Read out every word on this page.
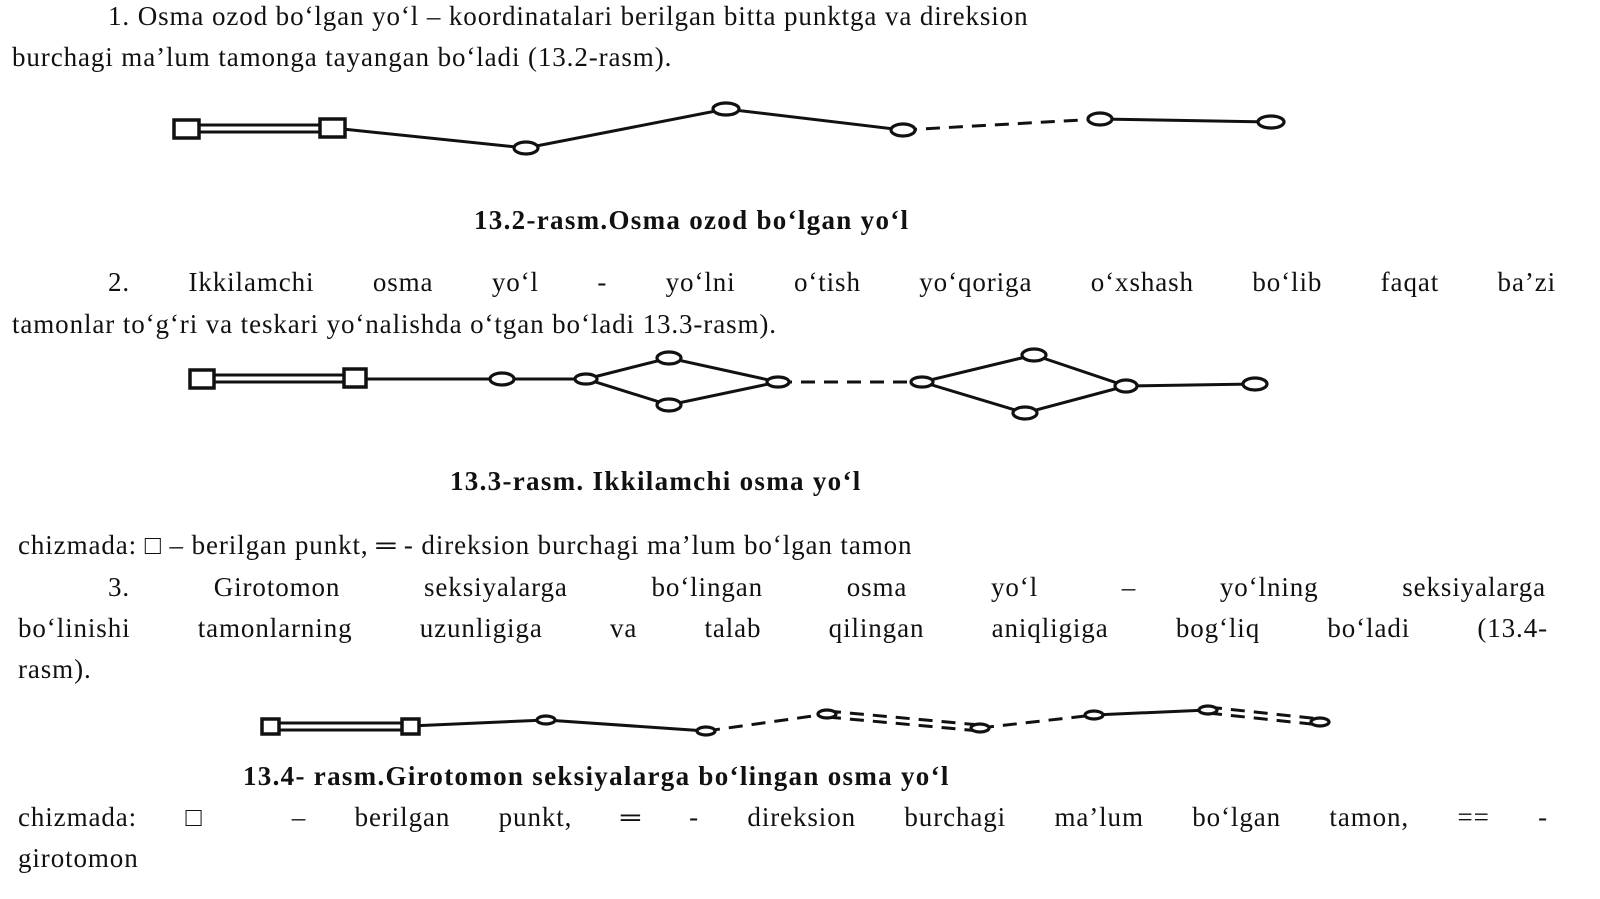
1. Osma ozod bo‘lgan yo‘l – koordinatalari berilgan bitta punktga va direksion
burchagi ma’lum tamonga tayangan bo‘ladi (13.2-rasm).
13.2-rasm.Osma ozod bo‘lgan yo‘l
2. Ikkilamchi osma yo‘l - yo‘lni o‘tish yo‘qoriga o‘xshash bo‘lib faqat ba’zi
tamonlar to‘g‘ri va teskari yo‘nalishda o‘tgan bo‘ladi 13.3-rasm).
13.3-rasm. Ikkilamchi osma yo‘l
chizmada: □ – berilgan punkt, ═ - direksion burchagi ma’lum bo‘lgan tamon
3. Girotomon seksiyalarga bo‘lingan osma yo‘l – yo‘lning seksiyalarga
bo‘linishi tamonlarning uzunligiga va talab qilingan aniqligiga bog‘liq bo‘ladi (13.4-
rasm).
13.4- rasm.Girotomon seksiyalarga bo‘lingan osma yo‘l
chizmada: □ – berilgan punkt, ═ - direksion burchagi ma’lum bo‘lgan tamon, == -
girotomon
